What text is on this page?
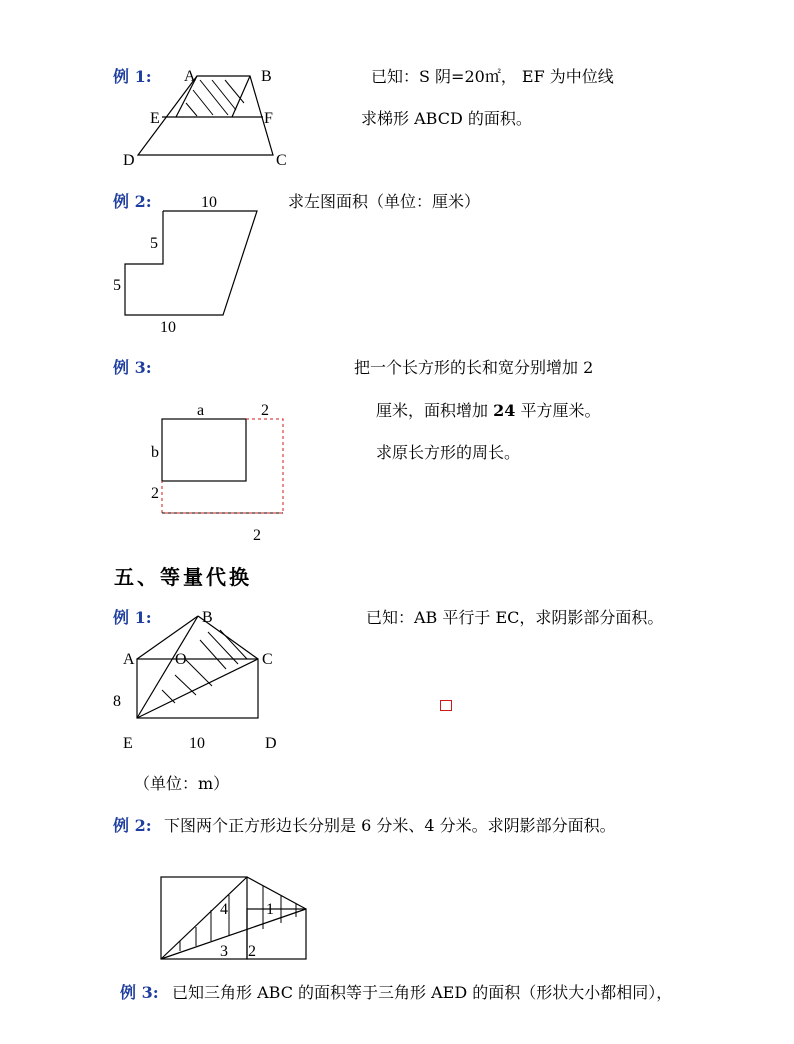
例 1: A	B
E	F
D	C
已知：S 阴=20㎡， EF 为中位线
求梯形 ABCD 的面积。
例 2:	10
5
5
10
求左图面积（单位：厘米）
例 3:
a	2
b
2
2
把一个长方形的长和宽分别增加 2
厘米，面积增加 24 平方厘米。
求原长方形的周长。
五、等量代换
例 1:	B
A	O	C
8
E	10	D
（单位：m）
已知：AB 平行于 EC，求阴影部分面积。
例 2: 下图两个正方形边长分别是 6 分米、4 分米。求阴影部分面积。
4 1
3 2
例 3: 已知三角形 ABC 的面积等于三角形 AED 的面积（形状大小都相同），
